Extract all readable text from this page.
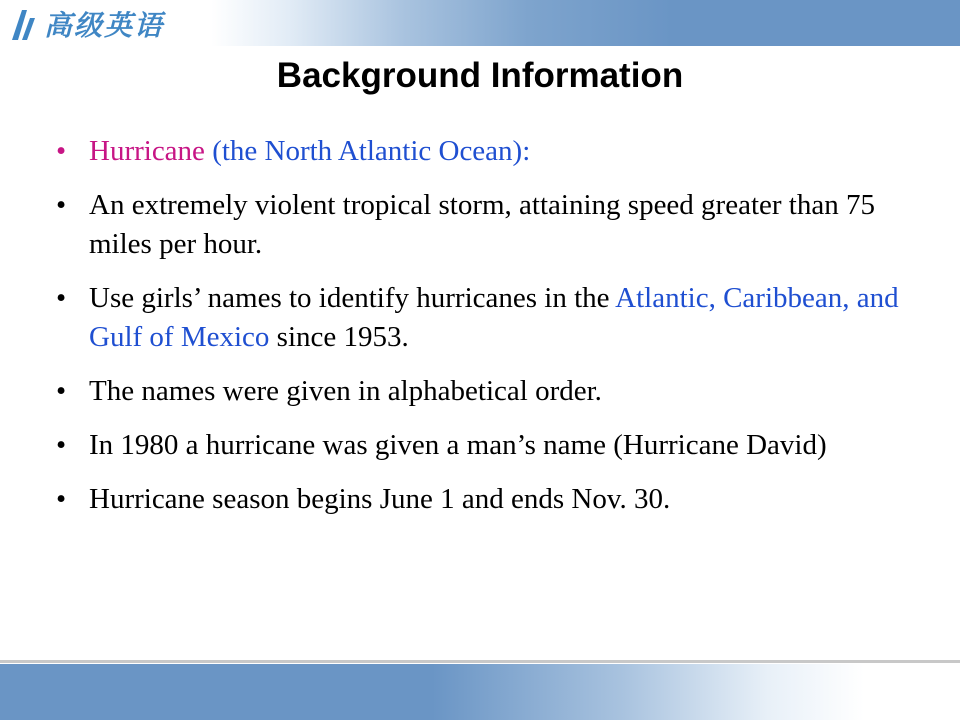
高级英语
Background Information
• Hurricane (the North Atlantic Ocean):
• An extremely violent tropical storm, attaining speed greater than 75 miles per hour.
• Use girls’ names to identify hurricanes in the Atlantic, Caribbean, and Gulf of Mexico since 1953.
• The names were given in alphabetical order.
• In 1980 a hurricane was given a man’s name (Hurricane David)
• Hurricane season begins June 1 and ends Nov. 30.
